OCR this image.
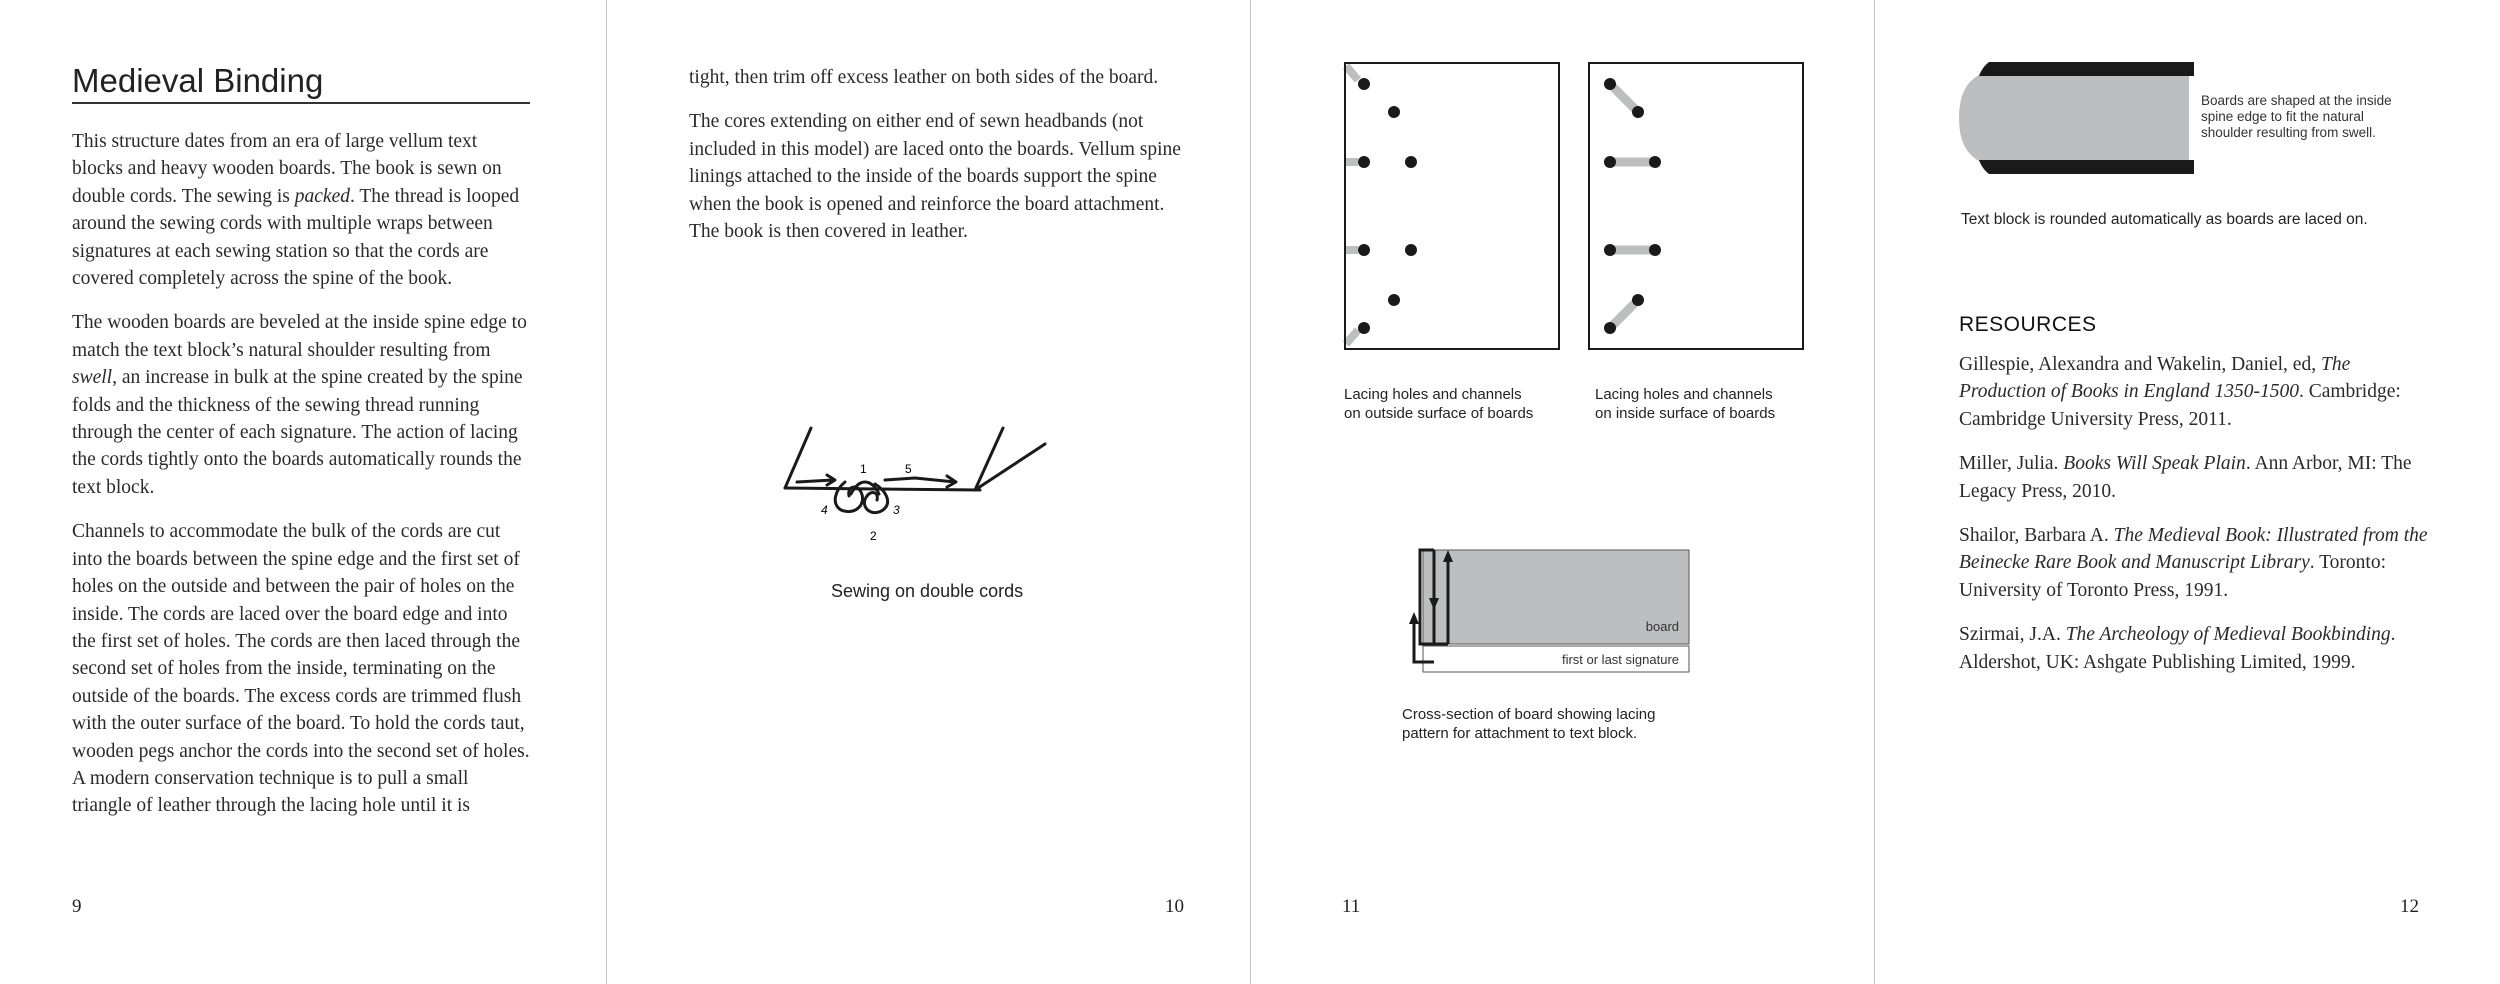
Medieval Binding

This structure dates from an era of large vellum text blocks and heavy wooden boards. The book is sewn on double cords. The sewing is packed. The thread is looped around the sewing cords with multiple wraps between signatures at each sewing station so that the cords are covered completely across the spine of the book.

The wooden boards are beveled at the inside spine edge to match the text block’s natural shoulder resulting from swell, an increase in bulk at the spine created by the spine folds and the thickness of the sewing thread running through the center of each signature. The action of lacing the cords tightly onto the boards automatically rounds the text block.

Channels to accommodate the bulk of the cords are cut into the boards between the spine edge and the first set of holes on the outside and between the pair of holes on the inside. The cords are laced over the board edge and into the first set of holes. The cords are then laced through the second set of holes from the inside, terminating on the outside of the boards. The excess cords are trimmed flush with the outer surface of the board. To hold the cords taut, wooden pegs anchor the cords into the second set of holes. A modern conservation technique is to pull a small triangle of leather through the lacing hole until it is

9

tight, then trim off excess leather on both sides of the board.

The cores extending on either end of sewn headbands (not included in this model) are laced onto the boards. Vellum spine linings attached to the inside of the boards support the spine when the book is opened and reinforce the board attachment. The book is then covered in leather.

1	5
4	3
2
Sewing on double cords
10
Lacing holes and channels
on outside surface of boards
Lacing holes and channels
on inside surface of boards
board
first or last signature
Cross-section of board showing lacing
pattern for attachment to text block.
11
Boards are shaped at the inside
spine edge to fit the natural
shoulder resulting from swell.
Text block is rounded automatically as boards are laced on.
RESOURCES

Gillespie, Alexandra and Wakelin, Daniel, ed, The Production of Books in England 1350-1500. Cambridge: Cambridge University Press, 2011.

Miller, Julia. Books Will Speak Plain. Ann Arbor, MI: The Legacy Press, 2010.

Shailor, Barbara A. The Medieval Book: Illustrated from the Beinecke Rare Book and Manuscript Library. Toronto: University of Toronto Press, 1991.

Szirmai, J.A. The Archeology of Medieval Bookbinding. Aldershot, UK: Ashgate Publishing Limited, 1999.

12
